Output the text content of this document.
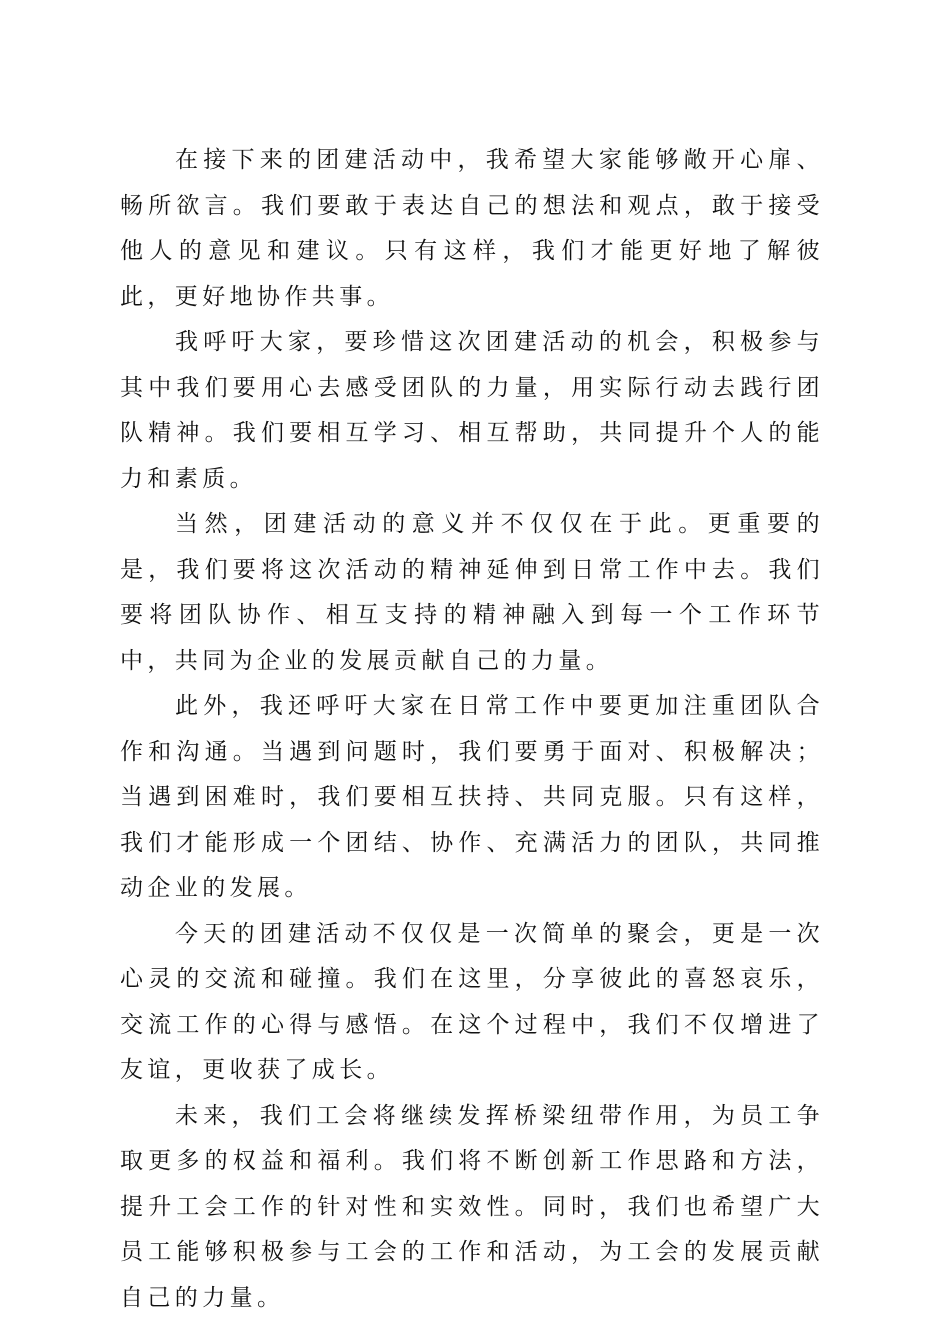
在接下来的团建活动中，我希望大家能够敞开心扉、畅所欲言。我们要敢于表达自己的想法和观点，敢于接受他人的意见和建议。只有这样，我们才能更好地了解彼此，更好地协作共事。

我呼吁大家，要珍惜这次团建活动的机会，积极参与其中我们要用心去感受团队的力量，用实际行动去践行团队精神。我们要相互学习、相互帮助，共同提升个人的能力和素质。

当然，团建活动的意义并不仅仅在于此。更重要的是，我们要将这次活动的精神延伸到日常工作中去。我们要将团队协作、相互支持的精神融入到每一个工作环节中，共同为企业的发展贡献自己的力量。

此外，我还呼吁大家在日常工作中要更加注重团队合作和沟通。当遇到问题时，我们要勇于面对、积极解决；当遇到困难时，我们要相互扶持、共同克服。只有这样，我们才能形成一个团结、协作、充满活力的团队，共同推动企业的发展。

今天的团建活动不仅仅是一次简单的聚会，更是一次心灵的交流和碰撞。我们在这里，分享彼此的喜怒哀乐，交流工作的心得与感悟。在这个过程中，我们不仅增进了友谊，更收获了成长。

未来，我们工会将继续发挥桥梁纽带作用，为员工争取更多的权益和福利。我们将不断创新工作思路和方法，提升工会工作的针对性和实效性。同时，我们也希望广大员工能够积极参与工会的工作和活动，为工会的发展贡献自己的力量。
